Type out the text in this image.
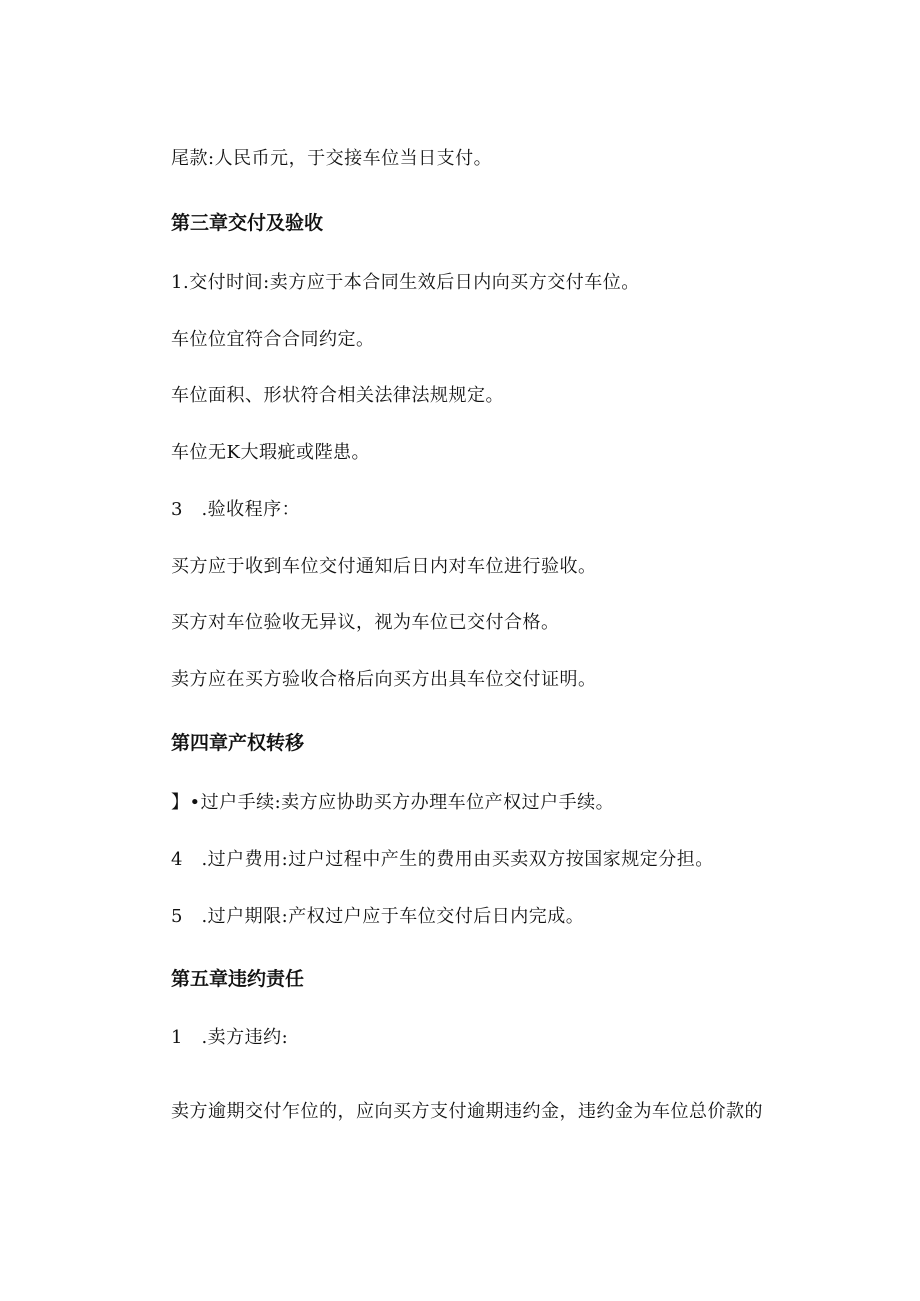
尾款:人民币元，于交接车位当日支付。
第三章交付及验收
1.交付时间:卖方应于本合同生效后日内向买方交付车位。
车位位宜符合合同约定。
车位面积、形状符合相关法律法规规定。
车位无K大瑕疵或陛患。
3　.验收程序：
买方应于收到车位交付通知后日内对车位进行验收。
买方对车位验收无异议，视为车位已交付合格。
卖方应在买方验收合格后向买方出具车位交付证明。
第四章产权转移
】•过户手续:卖方应协助买方办理车位产权过户手续。
4　.过户费用:过户过程中产生的费用由买卖双方按国家规定分担。
5　.过户期限:产权过户应于车位交付后日内完成。
第五章违约责任
1　.卖方违约:
卖方逾期交付乍位的，应向买方支付逾期违约金，违约金为车位总价款的
